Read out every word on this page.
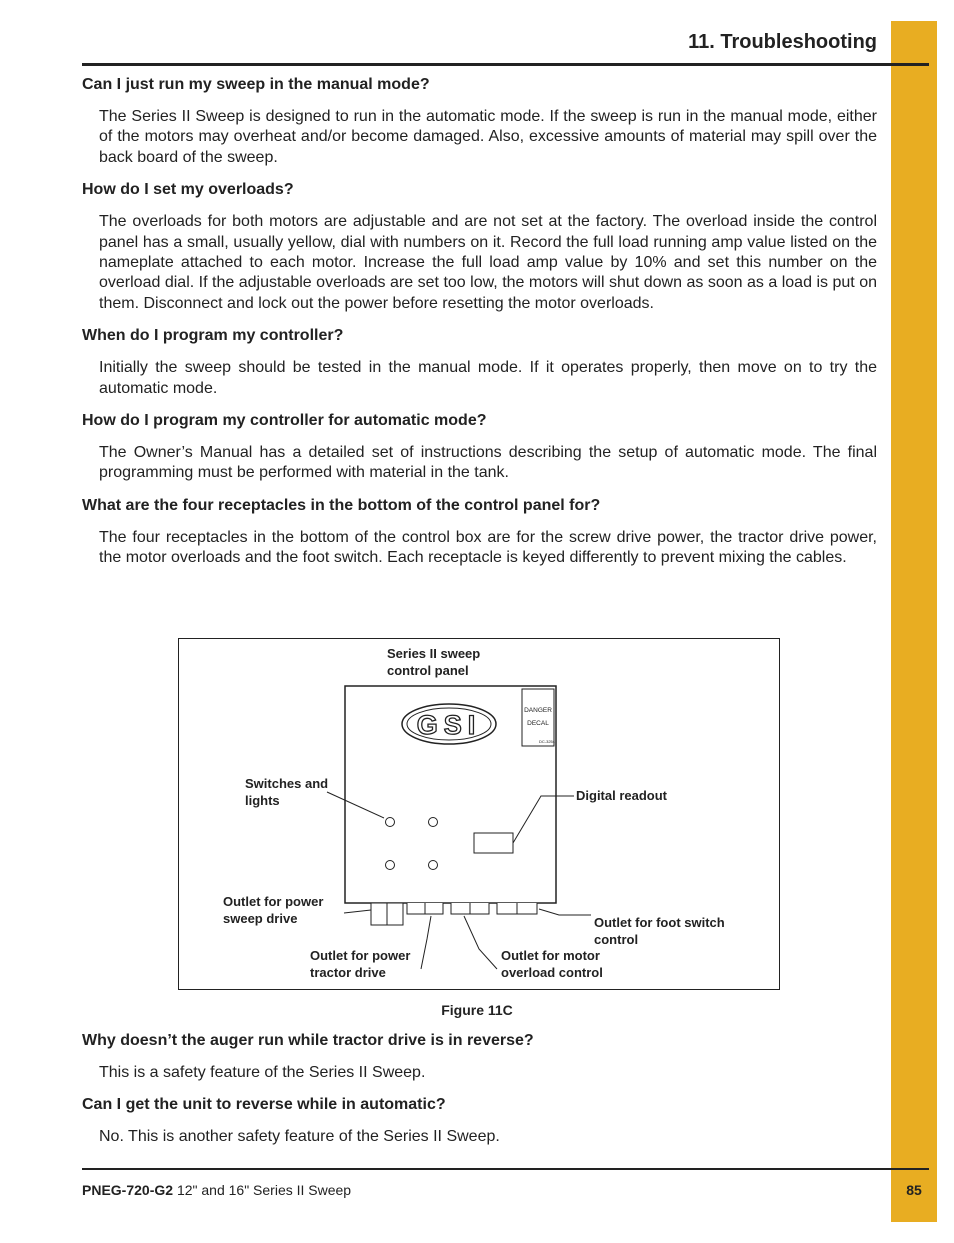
85
11. Troubleshooting
Can I just run my sweep in the manual mode?
The Series II Sweep is designed to run in the automatic mode. If the sweep is run in the manual mode, either of the motors may overheat and/or become damaged. Also, excessive amounts of material may spill over the back board of the sweep.
How do I set my overloads?
The overloads for both motors are adjustable and are not set at the factory. The overload inside the control panel has a small, usually yellow, dial with numbers on it. Record the full load running amp value listed on the nameplate attached to each motor. Increase the full load amp value by 10% and set this number on the overload dial. If the adjustable overloads are set too low, the motors will shut down as soon as a load is put on them. Disconnect and lock out the power before resetting the motor overloads.
When do I program my controller?
Initially the sweep should be tested in the manual mode. If it operates properly, then move on to try the automatic mode.
How do I program my controller for automatic mode?
The Owner’s Manual has a detailed set of instructions describing the setup of automatic mode. The final programming must be performed with material in the tank.
What are the four receptacles in the bottom of the control panel for?
The four receptacles in the bottom of the control box are for the screw drive power, the tractor drive power, the motor overloads and the foot switch. Each receptacle is keyed differently to prevent mixing the cables.
GSI	DANGER
DECAL
DC-3254
Series II sweep
control panel
Switches and
lights	Digital readout
Outlet for power
sweep drive	Outlet for foot switch
control
Outlet for power
tractor drive
Outlet for motor
overload control
Figure 11C
Why doesn’t the auger run while tractor drive is in reverse?
This is a safety feature of the Series II Sweep.
Can I get the unit to reverse while in automatic?
No. This is another safety feature of the Series II Sweep.
PNEG-720-G2 12" and 16" Series II Sweep
